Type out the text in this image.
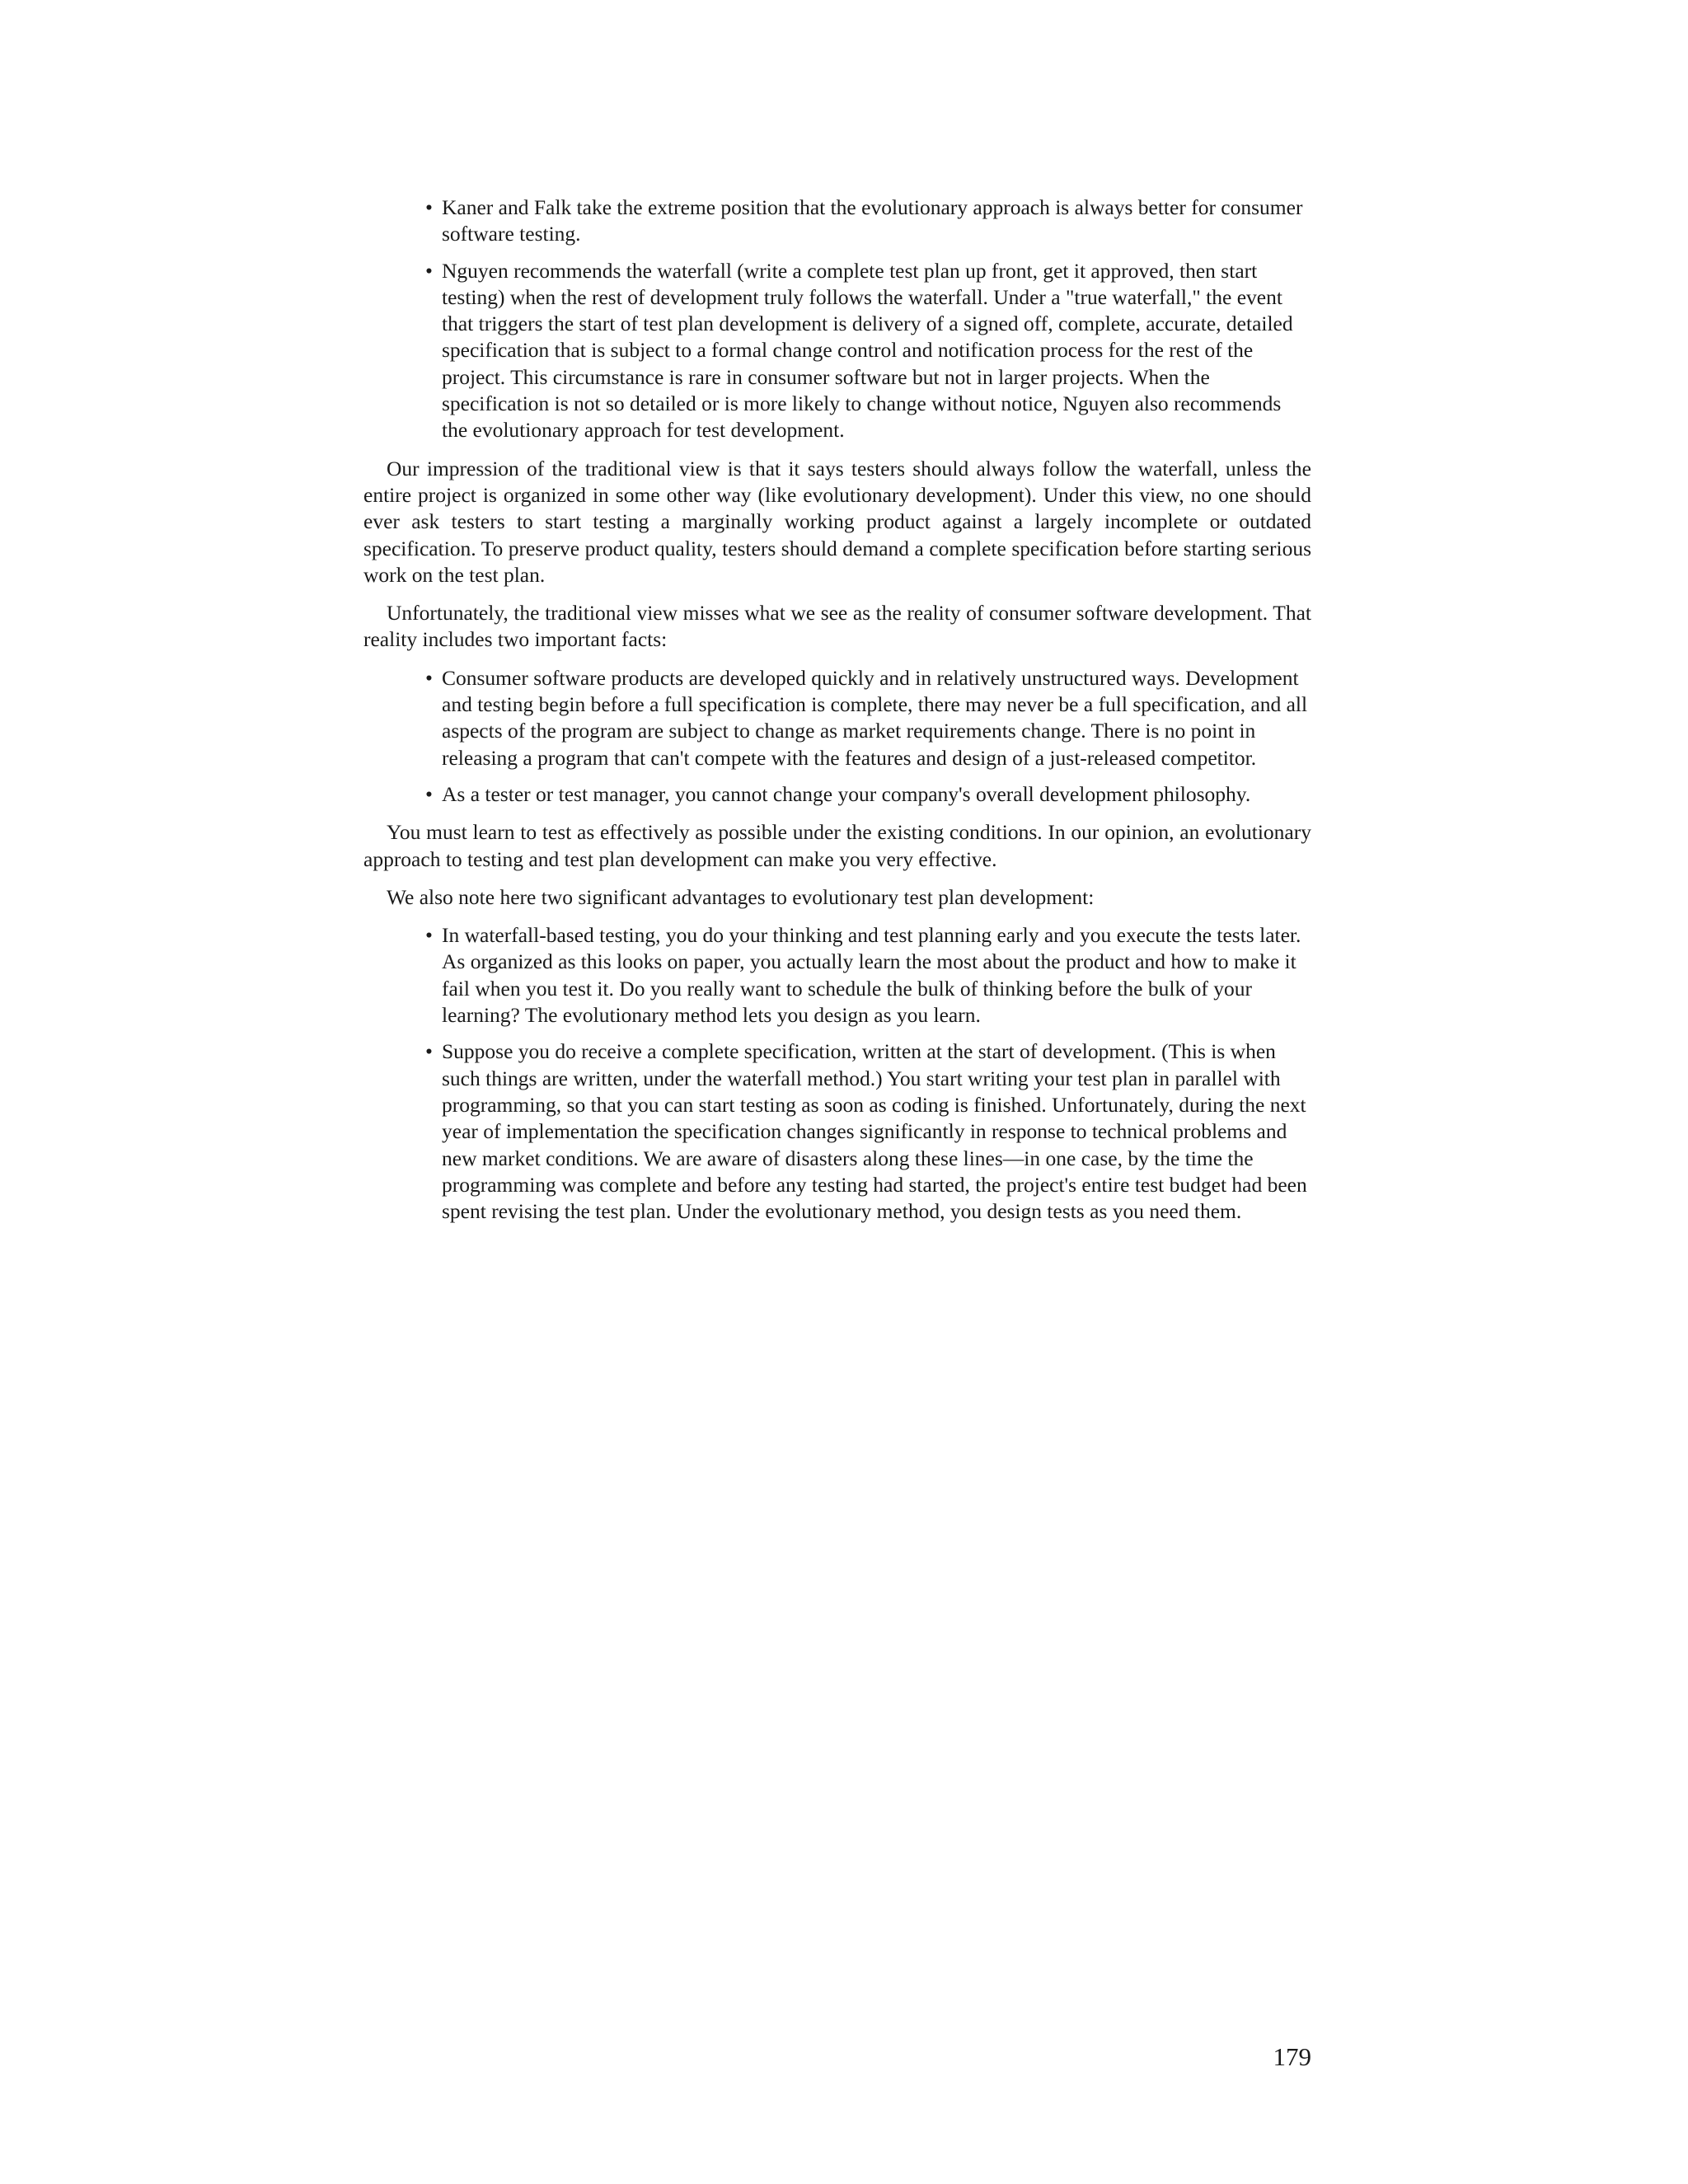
• Kaner and Falk take the extreme position that the evolutionary approach is always better for consumer software testing.
• Nguyen recommends the waterfall (write a complete test plan up front, get it approved, then start testing) when the rest of development truly follows the waterfall. Under a "true waterfall," the event that triggers the start of test plan development is delivery of a signed off, complete, accurate, detailed specification that is subject to a formal change control and notification process for the rest of the project. This circumstance is rare in consumer software but not in larger projects. When the specification is not so detailed or is more likely to change without notice, Nguyen also recommends the evolutionary approach for test development.

Our impression of the traditional view is that it says testers should always follow the waterfall, unless the entire project is organized in some other way (like evolutionary development). Under this view, no one should ever ask testers to start testing a marginally working product against a largely incomplete or outdated specification. To preserve product quality, testers should demand a complete specification before starting serious work on the test plan.

Unfortunately, the traditional view misses what we see as the reality of consumer software development. That reality includes two important facts:

• Consumer software products are developed quickly and in relatively unstructured ways. Development and testing begin before a full specification is complete, there may never be a full specification, and all aspects of the program are subject to change as market requirements change. There is no point in releasing a program that can't compete with the features and design of a just-released competitor.
• As a tester or test manager, you cannot change your company's overall development philosophy.

You must learn to test as effectively as possible under the existing conditions. In our opinion, an evolutionary approach to testing and test plan development can make you very effective.

We also note here two significant advantages to evolutionary test plan development:

• In waterfall-based testing, you do your thinking and test planning early and you execute the tests later. As organized as this looks on paper, you actually learn the most about the product and how to make it fail when you test it. Do you really want to schedule the bulk of thinking before the bulk of your learning? The evolutionary method lets you design as you learn.
• Suppose you do receive a complete specification, written at the start of development. (This is when such things are written, under the waterfall method.) You start writing your test plan in parallel with programming, so that you can start testing as soon as coding is finished. Unfortunately, during the next year of implementation the specification changes significantly in response to technical problems and new market conditions. We are aware of disasters along these lines—in one case, by the time the programming was complete and before any testing had started, the project's entire test budget had been spent revising the test plan. Under the evolutionary method, you design tests as you need them.
179
